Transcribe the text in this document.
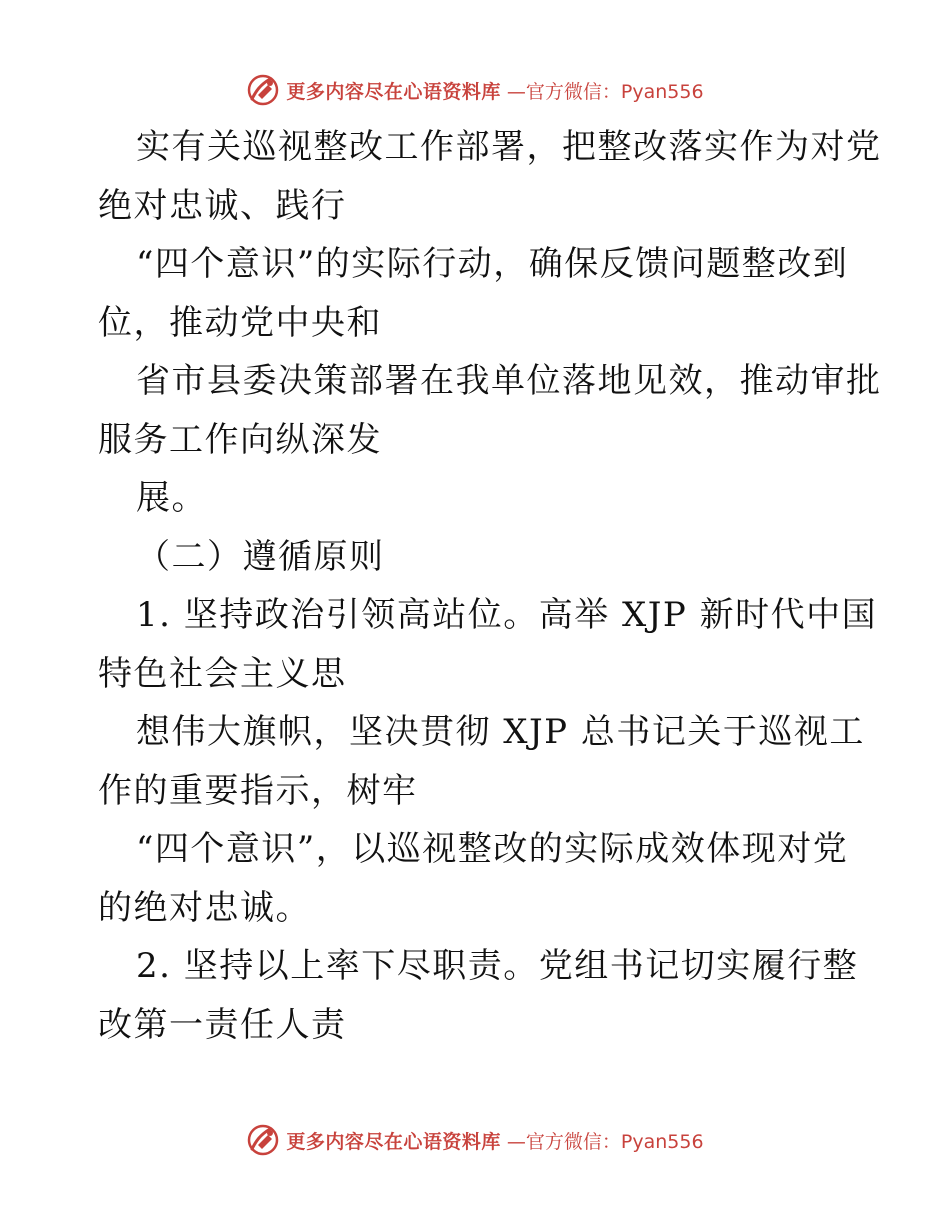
更多内容尽在心语资料库 —官方微信：Pyan556
实有关巡视整改工作部署，把整改落实作为对党
绝对忠诚、践行
“四个意识”的实际行动，确保反馈问题整改到
位，推动党中央和
省市县委决策部署在我单位落地见效，推动审批
服务工作向纵深发
展。
（二）遵循原则
1. 坚持政治引领高站位。高举 XJP 新时代中国
特色社会主义思
想伟大旗帜，坚决贯彻 XJP 总书记关于巡视工
作的重要指示，树牢
“四个意识”，以巡视整改的实际成效体现对党
的绝对忠诚。
2. 坚持以上率下尽职责。党组书记切实履行整
改第一责任人责
更多内容尽在心语资料库 —官方微信：Pyan556
